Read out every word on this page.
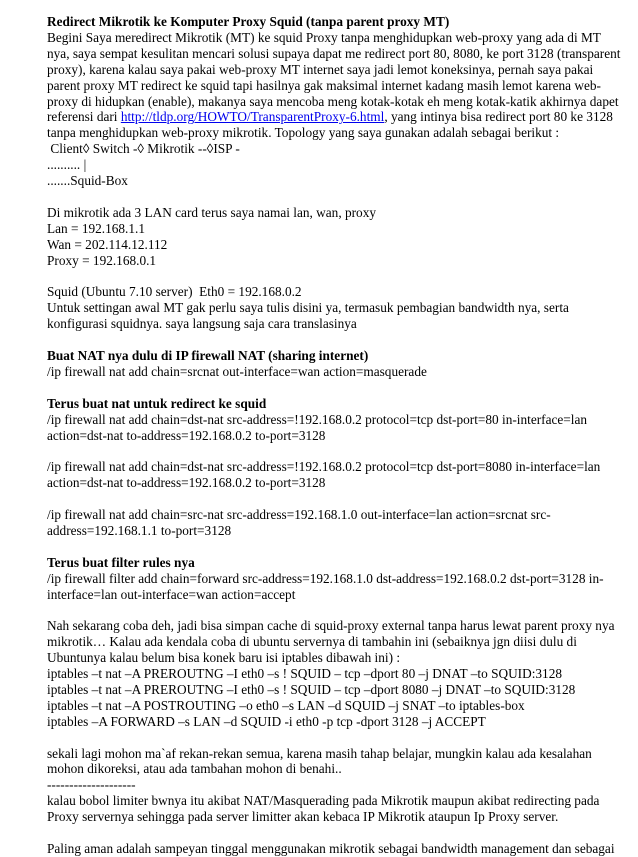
Redirect Mikrotik ke Komputer Proxy Squid (tanpa parent proxy MT)
Begini Saya meredirect Mikrotik (MT) ke squid Proxy tanpa menghidupkan web-proxy yang ada di MT
nya, saya sempat kesulitan mencari solusi supaya dapat me redirect port 80, 8080, ke port 3128 (transparent
proxy), karena kalau saya pakai web-proxy MT internet saya jadi lemot koneksinya, pernah saya pakai
parent proxy MT redirect ke squid tapi hasilnya gak maksimal internet kadang masih lemot karena web-
proxy di hidupkan (enable), makanya saya mencoba meng kotak-kotak eh meng kotak-katik akhirnya dapet
referensi dari http://tldp.org/HOWTO/TransparentProxy-6.html, yang intinya bisa redirect port 80 ke 3128
tanpa menghidupkan web-proxy mikrotik. Topology yang saya gunakan adalah sebagai berikut :
Client◊ Switch -◊ Mikrotik --◊ISP -
.......... |
.......Squid-Box
Di mikrotik ada 3 LAN card terus saya namai lan, wan, proxy
Lan = 192.168.1.1
Wan = 202.114.12.112
Proxy = 192.168.0.1
Squid (Ubuntu 7.10 server)  Eth0 = 192.168.0.2
Untuk settingan awal MT gak perlu saya tulis disini ya, termasuk pembagian bandwidth nya, serta
konfigurasi squidnya. saya langsung saja cara translasinya
Buat NAT nya dulu di IP firewall NAT (sharing internet)
/ip firewall nat add chain=srcnat out-interface=wan action=masquerade
Terus buat nat untuk redirect ke squid
/ip firewall nat add chain=dst-nat src-address=!192.168.0.2 protocol=tcp dst-port=80 in-interface=lan
action=dst-nat to-address=192.168.0.2 to-port=3128
/ip firewall nat add chain=dst-nat src-address=!192.168.0.2 protocol=tcp dst-port=8080 in-interface=lan
action=dst-nat to-address=192.168.0.2 to-port=3128
/ip firewall nat add chain=src-nat src-address=192.168.1.0 out-interface=lan action=srcnat src-
address=192.168.1.1 to-port=3128
Terus buat filter rules nya
/ip firewall filter add chain=forward src-address=192.168.1.0 dst-address=192.168.0.2 dst-port=3128 in-
interface=lan out-interface=wan action=accept
Nah sekarang coba deh, jadi bisa simpan cache di squid-proxy external tanpa harus lewat parent proxy nya
mikrotik… Kalau ada kendala coba di ubuntu servernya di tambahin ini (sebaiknya jgn diisi dulu di
Ubuntunya kalau belum bisa konek baru isi iptables dibawah ini) :
iptables –t nat –A PREROUTNG –I eth0 –s ! SQUID – tcp –dport 80 –j DNAT –to SQUID:3128
iptables –t nat –A PREROUTNG –I eth0 –s ! SQUID – tcp –dport 8080 –j DNAT –to SQUID:3128
iptables –t nat –A POSTROUTING –o eth0 –s LAN –d SQUID –j SNAT –to iptables-box
iptables –A FORWARD –s LAN –d SQUID -i eth0 -p tcp -dport 3128 –j ACCEPT
sekali lagi mohon ma`af rekan-rekan semua, karena masih tahap belajar, mungkin kalau ada kesalahan
mohon dikoreksi, atau ada tambahan mohon di benahi..
--------------------
kalau bobol limiter bwnya itu akibat NAT/Masquerading pada Mikrotik maupun akibat redirecting pada
Proxy servernya sehingga pada server limitter akan kebaca IP Mikrotik ataupun Ip Proxy server.
Paling aman adalah sampeyan tinggal menggunakan mikrotik sebagai bandwidth management dan sebagai
